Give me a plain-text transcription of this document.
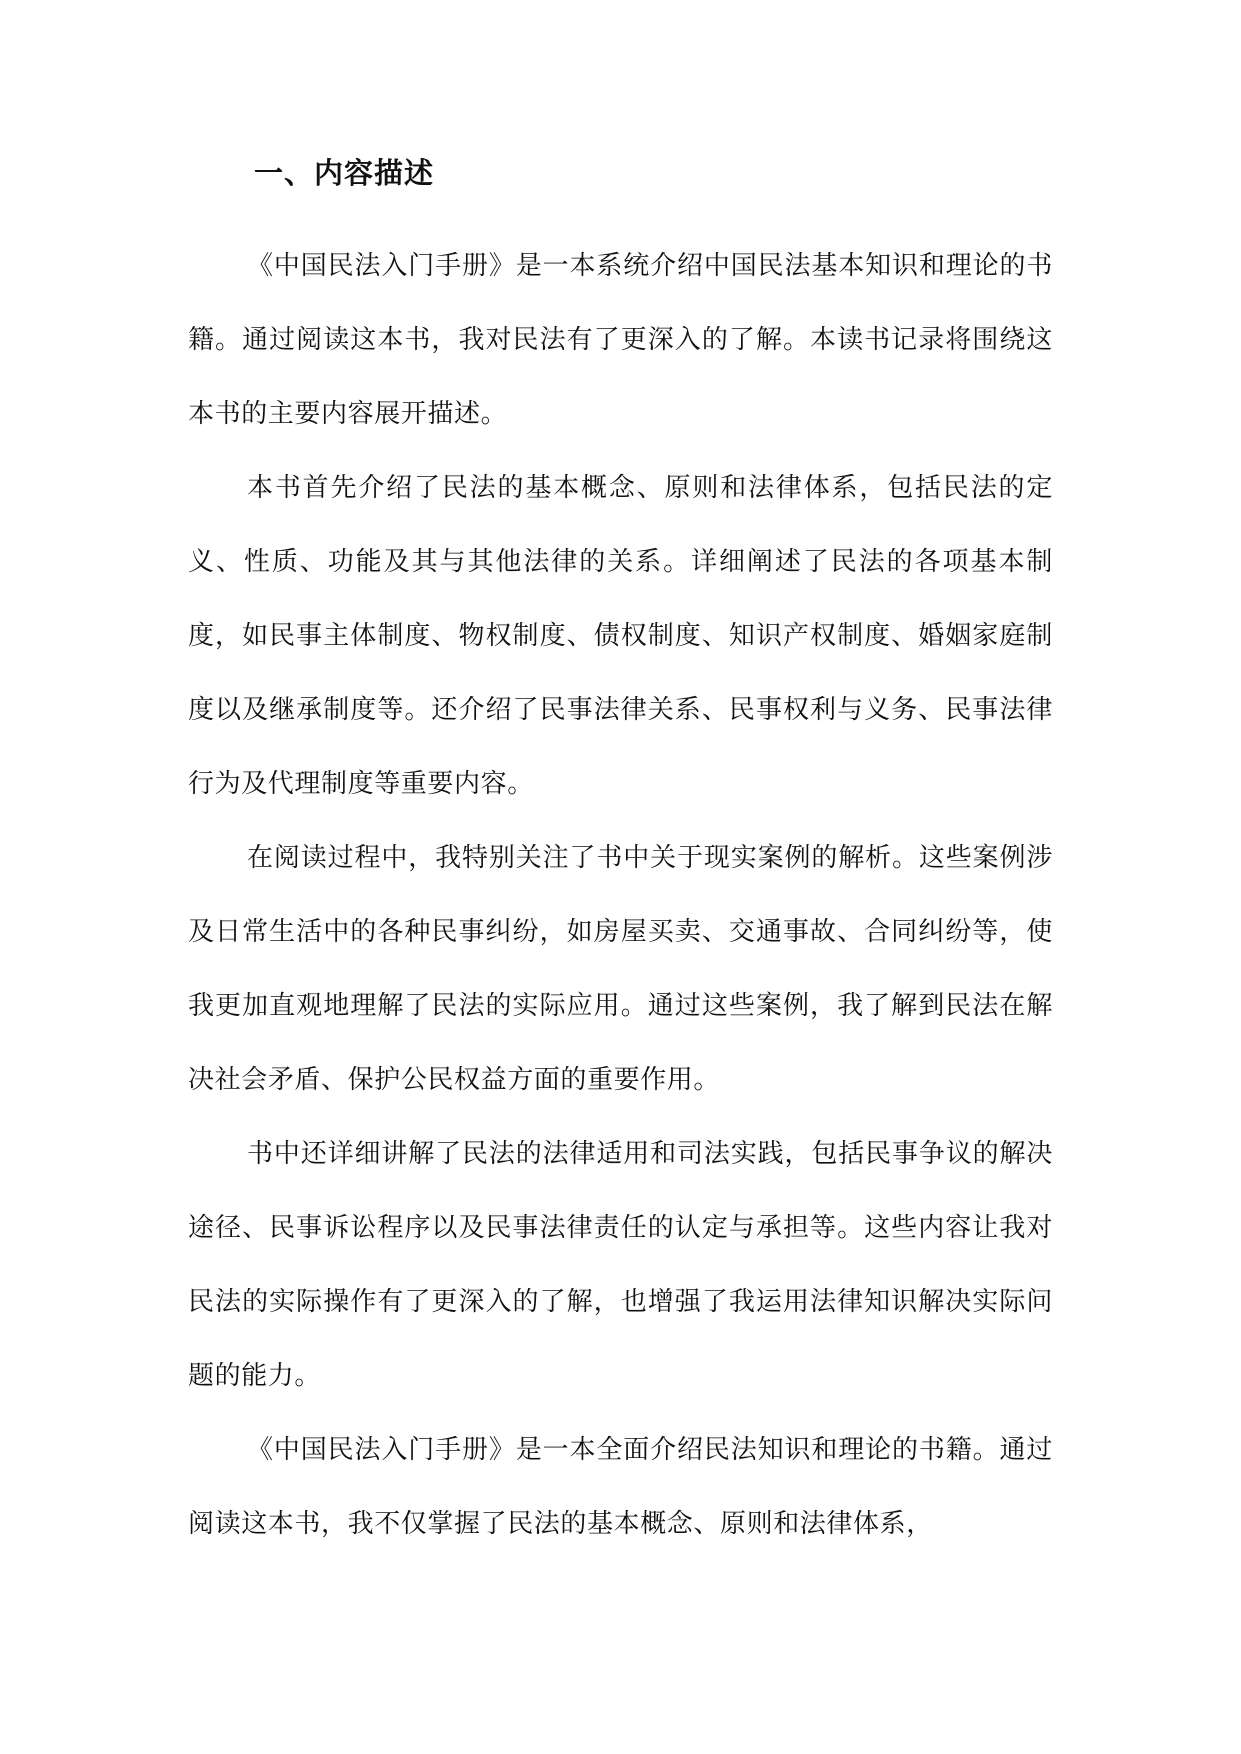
一、内容描述

《中国民法入门手册》是一本系统介绍中国民法基本知识和理论的书籍。通过阅读这本书，我对民法有了更深入的了解。本读书记录将围绕这本书的主要内容展开描述。

本书首先介绍了民法的基本概念、原则和法律体系，包括民法的定义、性质、功能及其与其他法律的关系。详细阐述了民法的各项基本制度，如民事主体制度、物权制度、债权制度、知识产权制度、婚姻家庭制度以及继承制度等。还介绍了民事法律关系、民事权利与义务、民事法律行为及代理制度等重要内容。

在阅读过程中，我特别关注了书中关于现实案例的解析。这些案例涉及日常生活中的各种民事纠纷，如房屋买卖、交通事故、合同纠纷等，使我更加直观地理解了民法的实际应用。通过这些案例，我了解到民法在解决社会矛盾、保护公民权益方面的重要作用。

书中还详细讲解了民法的法律适用和司法实践，包括民事争议的解决途径、民事诉讼程序以及民事法律责任的认定与承担等。这些内容让我对民法的实际操作有了更深入的了解，也增强了我运用法律知识解决实际问题的能力。

《中国民法入门手册》是一本全面介绍民法知识和理论的书籍。通过阅读这本书，我不仅掌握了民法的基本概念、原则和法律体系，
